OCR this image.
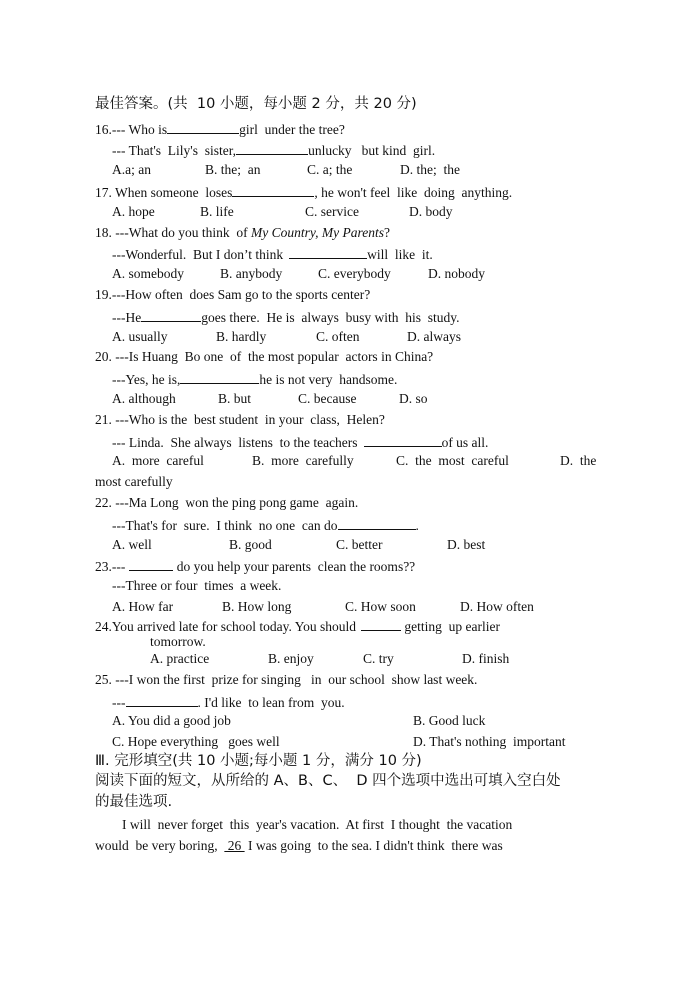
最佳答案。(共  10 小题，每小题 2 分，共 20 分)
16.--- Who is	girl  under the tree?
--- That's  Lily's  sister,	unlucky   but kind  girl.
A.a; an	B. the;  an	C. a; the	D. the;  the
17. When someone  loses	, he won't feel  like  doing  anything.
A. hope	B. life	C. service	D. body
18. ---What do you think  of My Country, My Parents?
---Wonderful.  But I don’t think	will  like  it.
A. somebody	B. anybody	C. everybody	D. nobody
19.---How often  does Sam go to the sports center?
---He	goes there.  He is  always  busy with  his  study.
A. usually	B. hardly	C. often	D. always
20. ---Is Huang  Bo one  of  the most popular  actors in China?
---Yes, he is,	he is not very  handsome.
A. although	B. but	C. because	D. so
21. ---Who is the  best student  in your  class,  Helen?
--- Linda.  She always  listens  to the teachers	of us all.
A.  more  careful	B.  more  carefully	C.  the  most  careful	D.  the
most carefully
22. ---Ma Long  won the ping pong game  again.
---That's for  sure.  I think  no one  can do	.
A. well	B. good	C. better	D. best
23.---	do you help your parents  clean the rooms??
---Three or four  times  a week.
A. How far	B. How long	C. How soon	D. How often
24.You arrived late for school today. You should	getting  up earlier
tomorrow.
A. practice	B. enjoy	C. try	D. finish
25. ---I won the first  prize for singing   in  our school  show last week.
---	. I'd like  to lean from  you.
A. You did a good job	B. Good luck
C. Hope everything   goes well	D. That's nothing  important
Ⅲ. 完形填空(共 10 小题;每小题 1 分，满分 10 分)
阅读下面的短文，从所给的 A、B、C、  D 四个选项中选出可填入空白处
的最佳选项.
I will  never forget  this  year's vacation.  At first  I thought  the vacation
would  be very boring,   26  I was going  to the sea. I didn't think  there was
